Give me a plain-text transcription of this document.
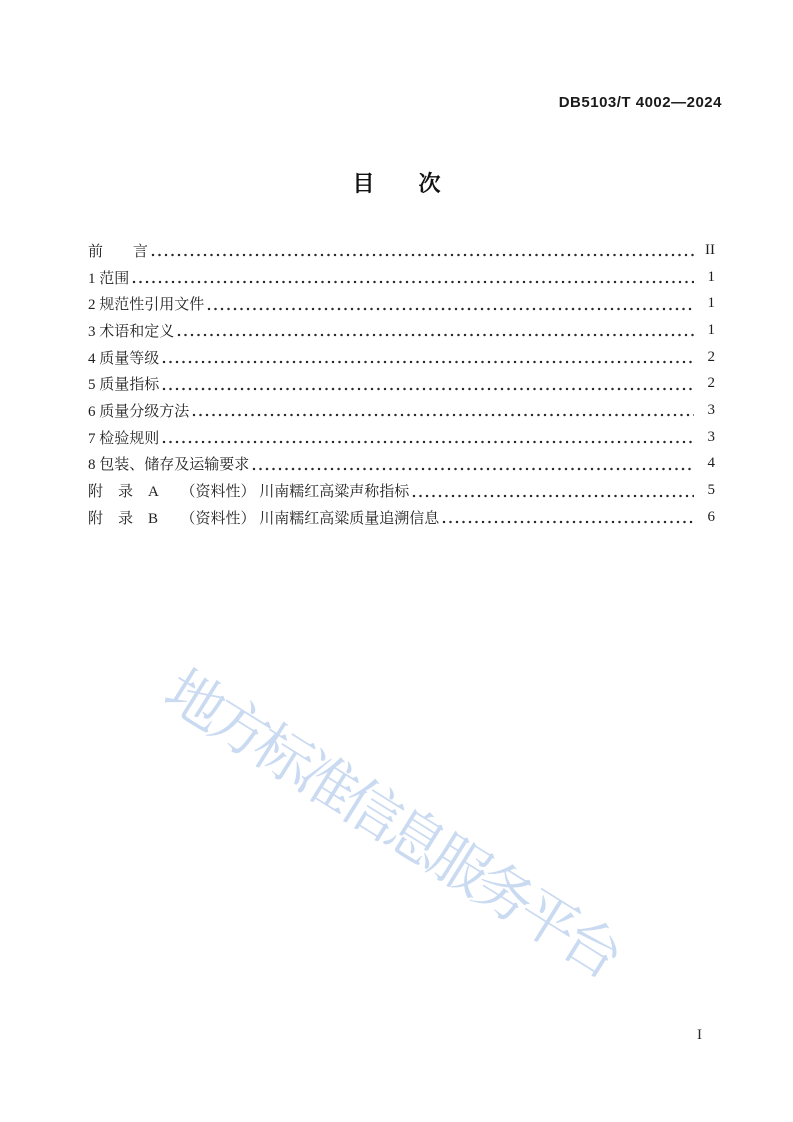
DB5103/T 4002—2024
目　　次
前　　言	II
1 范围	1
2 规范性引用文件	1
3 术语和定义	1
4 质量等级	2
5 质量指标	2
6 质量分级方法	3
7 检验规则	3
8 包装、储存及运输要求	4
附　录　A　　（资料性） 川南糯红高粱声称指标	5
附　录　B　　（资料性） 川南糯红高粱质量追溯信息	6
地方标准信息服务平台
I
